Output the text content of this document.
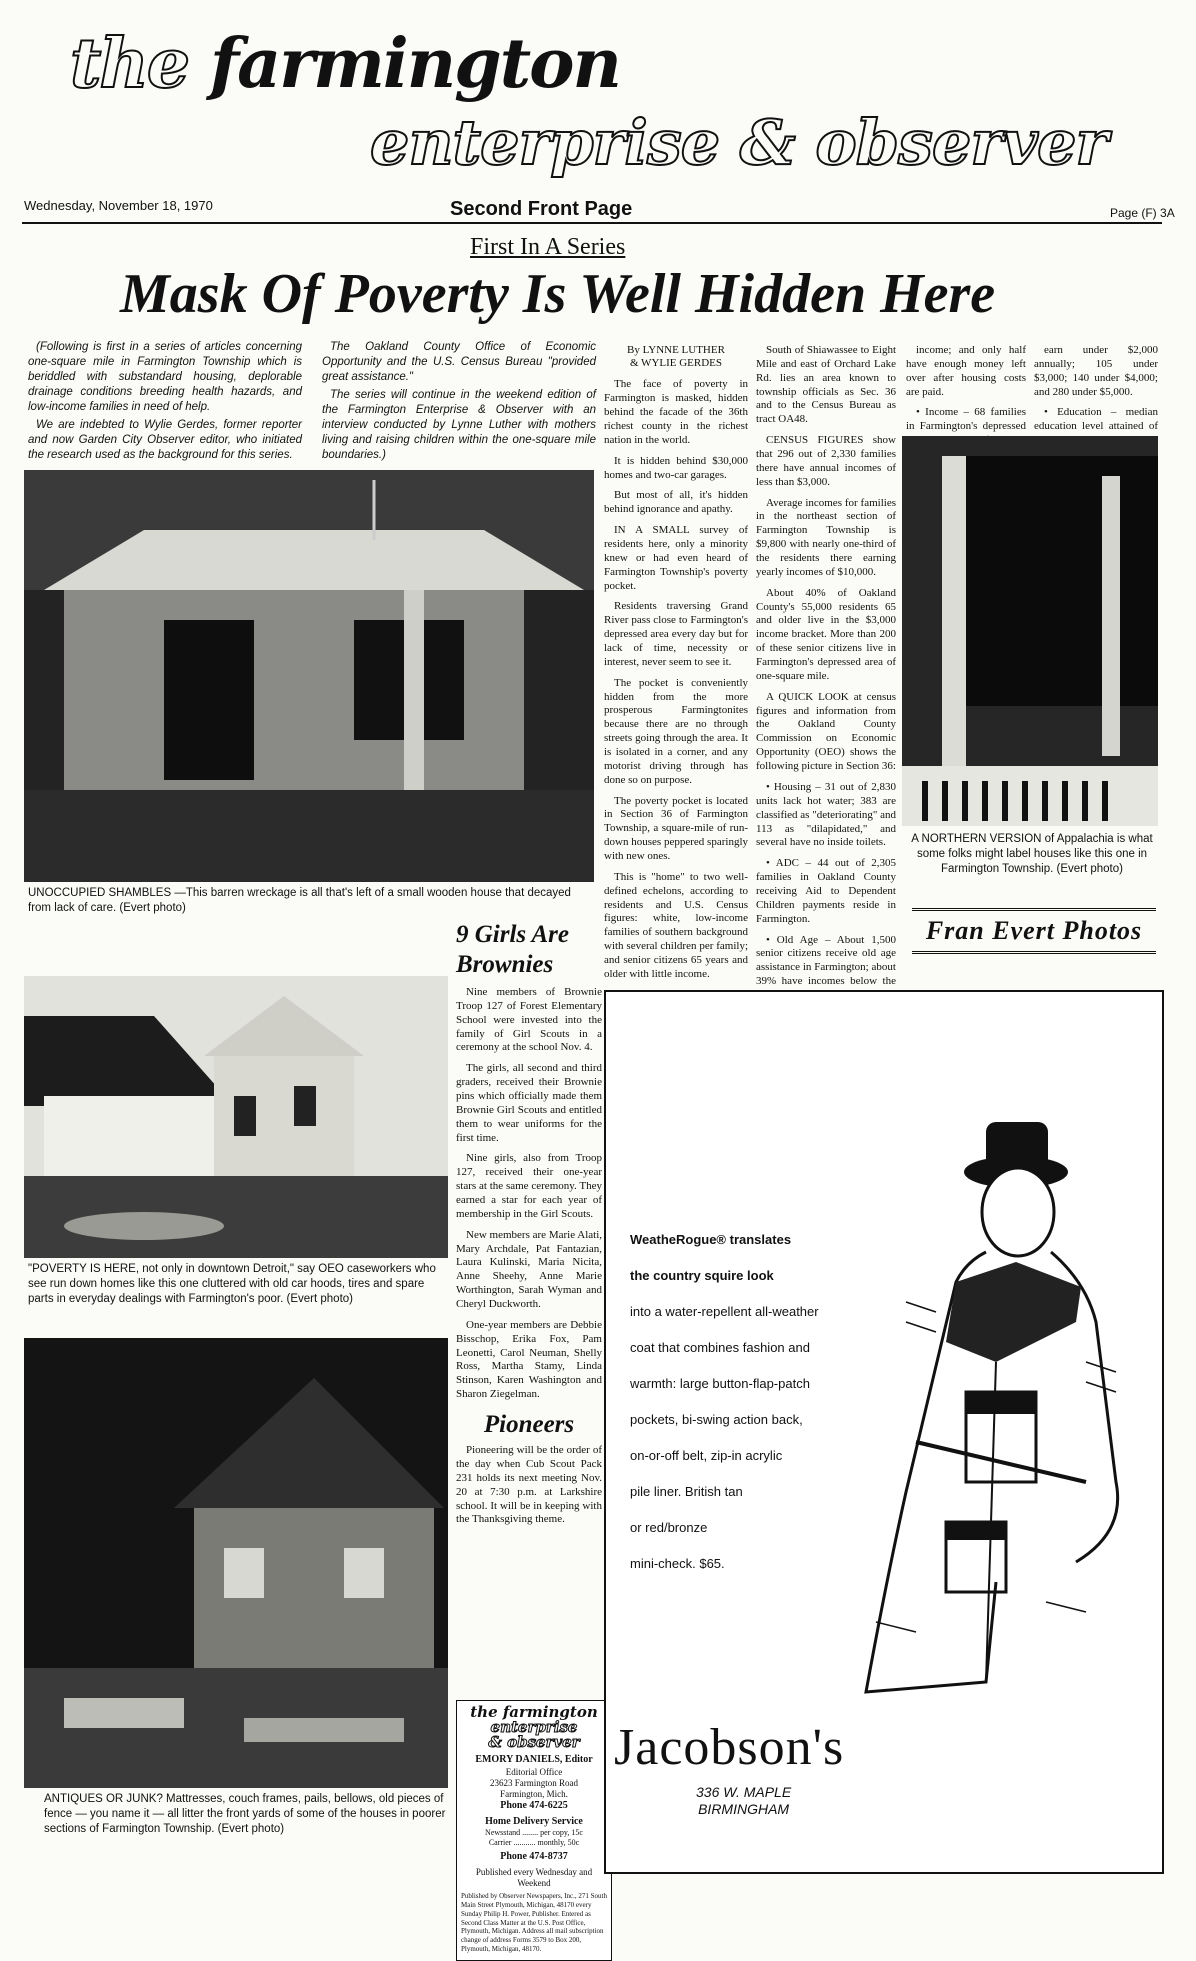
the farmington
enterprise & observer
Wednesday, November 18, 1970	Second Front Page	Page (F) 3A
First In A Series
Mask Of Poverty Is Well Hidden Here

(Following is first in a series of articles concerning one-square mile in Farmington Township which is beriddled with substandard housing, deplorable drainage conditions breeding health hazards, and low-income families in need of help.

We are indebted to Wylie Gerdes, former reporter and now Garden City Observer editor, who initiated the research used as the background for this series.

The Oakland County Office of Economic Opportunity and the U.S. Census Bureau "provided great assistance."

The series will continue in the weekend edition of the Farmington Enterprise & Observer with an interview conducted by Lynne Luther with mothers living and raising children within the one-square mile boundaries.)

By LYNNE LUTHER
& WYLIE GERDES

The face of poverty in Farmington is masked, hidden behind the facade of the 36th richest county in the richest nation in the world.

It is hidden behind $30,000 homes and two-car garages.

But most of all, it's hidden behind ignorance and apathy.

IN A SMALL survey of residents here, only a minority knew or had even heard of Farmington Township's poverty pocket.

Residents traversing Grand River pass close to Farmington's depressed area every day but for lack of time, necessity or interest, never seem to see it.

The pocket is conveniently hidden from the more prosperous Farmingtonites because there are no through streets going through the area. It is isolated in a corner, and any motorist driving through has done so on purpose.

The poverty pocket is located in Section 36 of Farmington Township, a square-mile of run-down houses peppered sparingly with new ones.

This is "home" to two well-defined echelons, according to residents and U.S. Census figures: white, low-income families of southern background with several children per family; and senior citizens 65 years and older with little income.

South of Shiawassee to Eight Mile and east of Orchard Lake Rd. lies an area known to township officials as Sec. 36 and to the Census Bureau as tract OA48.

CENSUS FIGURES show that 296 out of 2,330 families there have annual incomes of less than $3,000.

Average incomes for families in the northeast section of Farmington Township is $9,800 with nearly one-third of the residents there earning yearly incomes of $10,000.

About 40% of Oakland County's 55,000 residents 65 and older live in the $3,000 income bracket. More than 200 of these senior citizens live in Farmington's depressed area of one-square mile.

A QUICK LOOK at census figures and information from the Oakland County Commission on Economic Opportunity (OEO) shows the following picture in Section 36:

• Housing – 31 out of 2,830 units lack hot water; 383 are classified as "deteriorating" and 113 as "dilapidated," and several have no inside toilets.

• ADC – 44 out of 2,305 families in Oakland County receiving Aid to Dependent Children payments reside in Farmington.

• Old Age – About 1,500 senior citizens receive old age assistance in Farmington; about 39% have incomes below the

income; and only half have enough money left over after housing costs are paid.

• Income – 68 families in Farmington's depressed

earn under $2,000 annually; 105 under $3,000; 140 under $4,000; and 280 under $5,000.

• Education – median education level attained of

UNOCCUPIED SHAMBLES —This barren wreckage is all that's left of a small wooden house that decayed from lack of care. (Evert photo)
A NORTHERN VERSION of Appalachia is what some folks might label houses like this one in Farmington Township. (Evert photo)
Fran Evert Photos
9 Girls Are
Brownies

Nine members of Brownie Troop 127 of Forest Elementary School were invested into the family of Girl Scouts in a ceremony at the school Nov. 4.

The girls, all second and third graders, received their Brownie pins which officially made them Brownie Girl Scouts and entitled them to wear uniforms for the first time.

Nine girls, also from Troop 127, received their one-year stars at the same ceremony. They earned a star for each year of membership in the Girl Scouts.

New members are Marie Alati, Mary Archdale, Pat Fantazian, Laura Kulinski, Maria Nicita, Anne Sheehy, Anne Marie Worthington, Sarah Wyman and Cheryl Duckworth.

One-year members are Debbie Bisschop, Erika Fox, Pam Leonetti, Carol Neuman, Shelly Ross, Martha Stamy, Linda Stinson, Karen Washington and Sharon Ziegelman.

Pioneers

Pioneering will be the order of the day when Cub Scout Pack 231 holds its next meeting Nov. 20 at 7:30 p.m. at Larkshire school. It will be in keeping with the Thanksgiving theme.

"POVERTY IS HERE, not only in downtown Detroit," say OEO caseworkers who see run down homes like this one cluttered with old car hoods, tires and spare parts in everyday dealings with Farmington's poor. (Evert photo)
ANTIQUES OR JUNK? Mattresses, couch frames, pails, bellows, old pieces of fence — you name it — all litter the front yards of some of the houses in poorer sections of Farmington Township. (Evert photo)
the farmington
enterprise
& observer
EMORY DANIELS, Editor
Editorial Office
23623 Farmington Road
Farmington, Mich.
Phone 474-6225
Home Delivery Service
Newsstand ........ per copy, 15c
Carrier ........... monthly, 50c
Phone 474-8737
Published every Wednesday and Weekend
Published by Observer Newspapers, Inc., 271 South Main Street Plymouth, Michigan, 48170 every Sunday Philip H. Power, Publisher. Entered as Second Class Matter at the U.S. Post Office, Plymouth, Michigan. Address all mail subscription change of address Forms 3579 to Box 200, Plymouth, Michigan, 48170.
WeatheRogue® translates
the country squire look
into a water-repellent all-weather
coat that combines fashion and
warmth: large button-flap-patch
pockets, bi-swing action back,
on-or-off belt, zip-in acrylic
pile liner. British tan
or red/bronze
mini-check. $65.
Jacobson's
336 W. MAPLE
BIRMINGHAM
